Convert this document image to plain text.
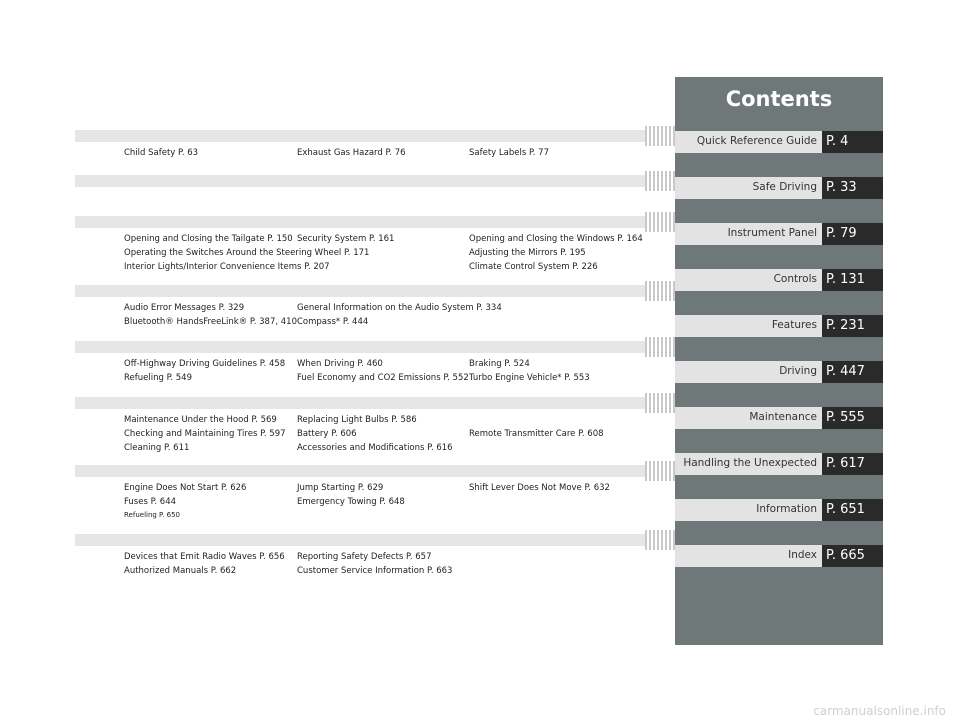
Child Safety P. 63	Exhaust Gas Hazard P. 76	Safety Labels P. 77
Opening and Closing the Tailgate P. 150 Security System P. 161	Opening and Closing the Windows P. 164
Operating the Switches Around the Steering Wheel P. 171	Adjusting the Mirrors P. 195
Interior Lights/Interior Convenience Items P. 207	Climate Control System P. 226
Audio Error Messages P. 329	General Information on the Audio System P. 334
Bluetooth® HandsFreeLink® P. 387, 410 Compass* P. 444
Off-Highway Driving Guidelines P. 458 When Driving P. 460	Braking P. 524
Refueling P. 549	Fuel Economy and CO2 Emissions P. 552 Turbo Engine Vehicle* P. 553
Maintenance Under the Hood P. 569 Replacing Light Bulbs P. 586
Checking and Maintaining Tires P. 597 Battery P. 606	Remote Transmitter Care P. 608
Cleaning P. 611	Accessories and Modifications P. 616
Engine Does Not Start P. 626	Jump Starting P. 629	Shift Lever Does Not Move P. 632
Fuses P. 644	Emergency Towing P. 648
Refueling P. 650
Devices that Emit Radio Waves P. 656 Reporting Safety Defects P. 657
Authorized Manuals P. 662	Customer Service Information P. 663
Contents
Quick Reference Guide P. 4
Safe Driving P. 33
Instrument Panel P. 79
Controls P. 131
Features P. 231
Driving P. 447
Maintenance P. 555
Handling the Unexpected P. 617
Information P. 651
Index P. 665
carmanualsonline.info
